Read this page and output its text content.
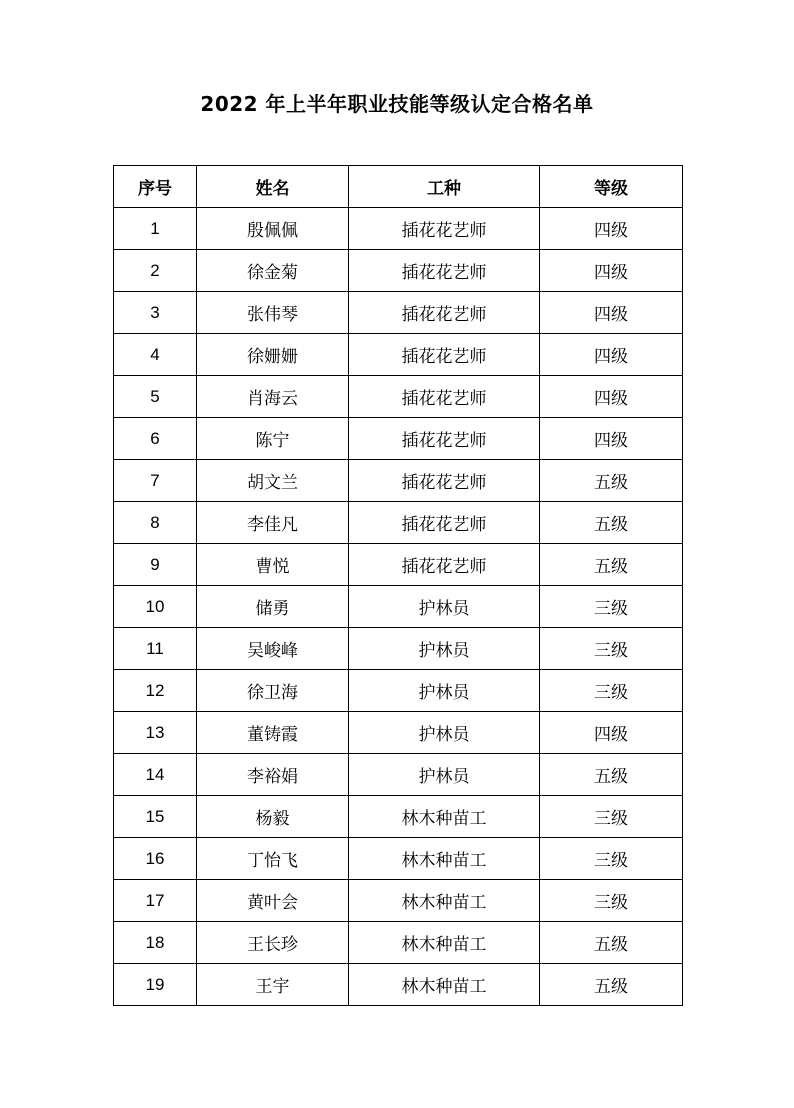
2022 年上半年职业技能等级认定合格名单
序号	姓名	工种	等级
1	殷佩佩	插花花艺师	四级
2	徐金菊	插花花艺师	四级
3	张伟琴	插花花艺师	四级
4	徐姗姗	插花花艺师	四级
5	肖海云	插花花艺师	四级
6	陈宁	插花花艺师	四级
7	胡文兰	插花花艺师	五级
8	李佳凡	插花花艺师	五级
9	曹悦	插花花艺师	五级
10	储勇	护林员	三级
11	吴峻峰	护林员	三级
12	徐卫海	护林员	三级
13	董铸霞	护林员	四级
14	李裕娟	护林员	五级
15	杨毅	林木种苗工	三级
16	丁怡飞	林木种苗工	三级
17	黄叶会	林木种苗工	三级
18	王长珍	林木种苗工	五级
19	王宇	林木种苗工	五级
